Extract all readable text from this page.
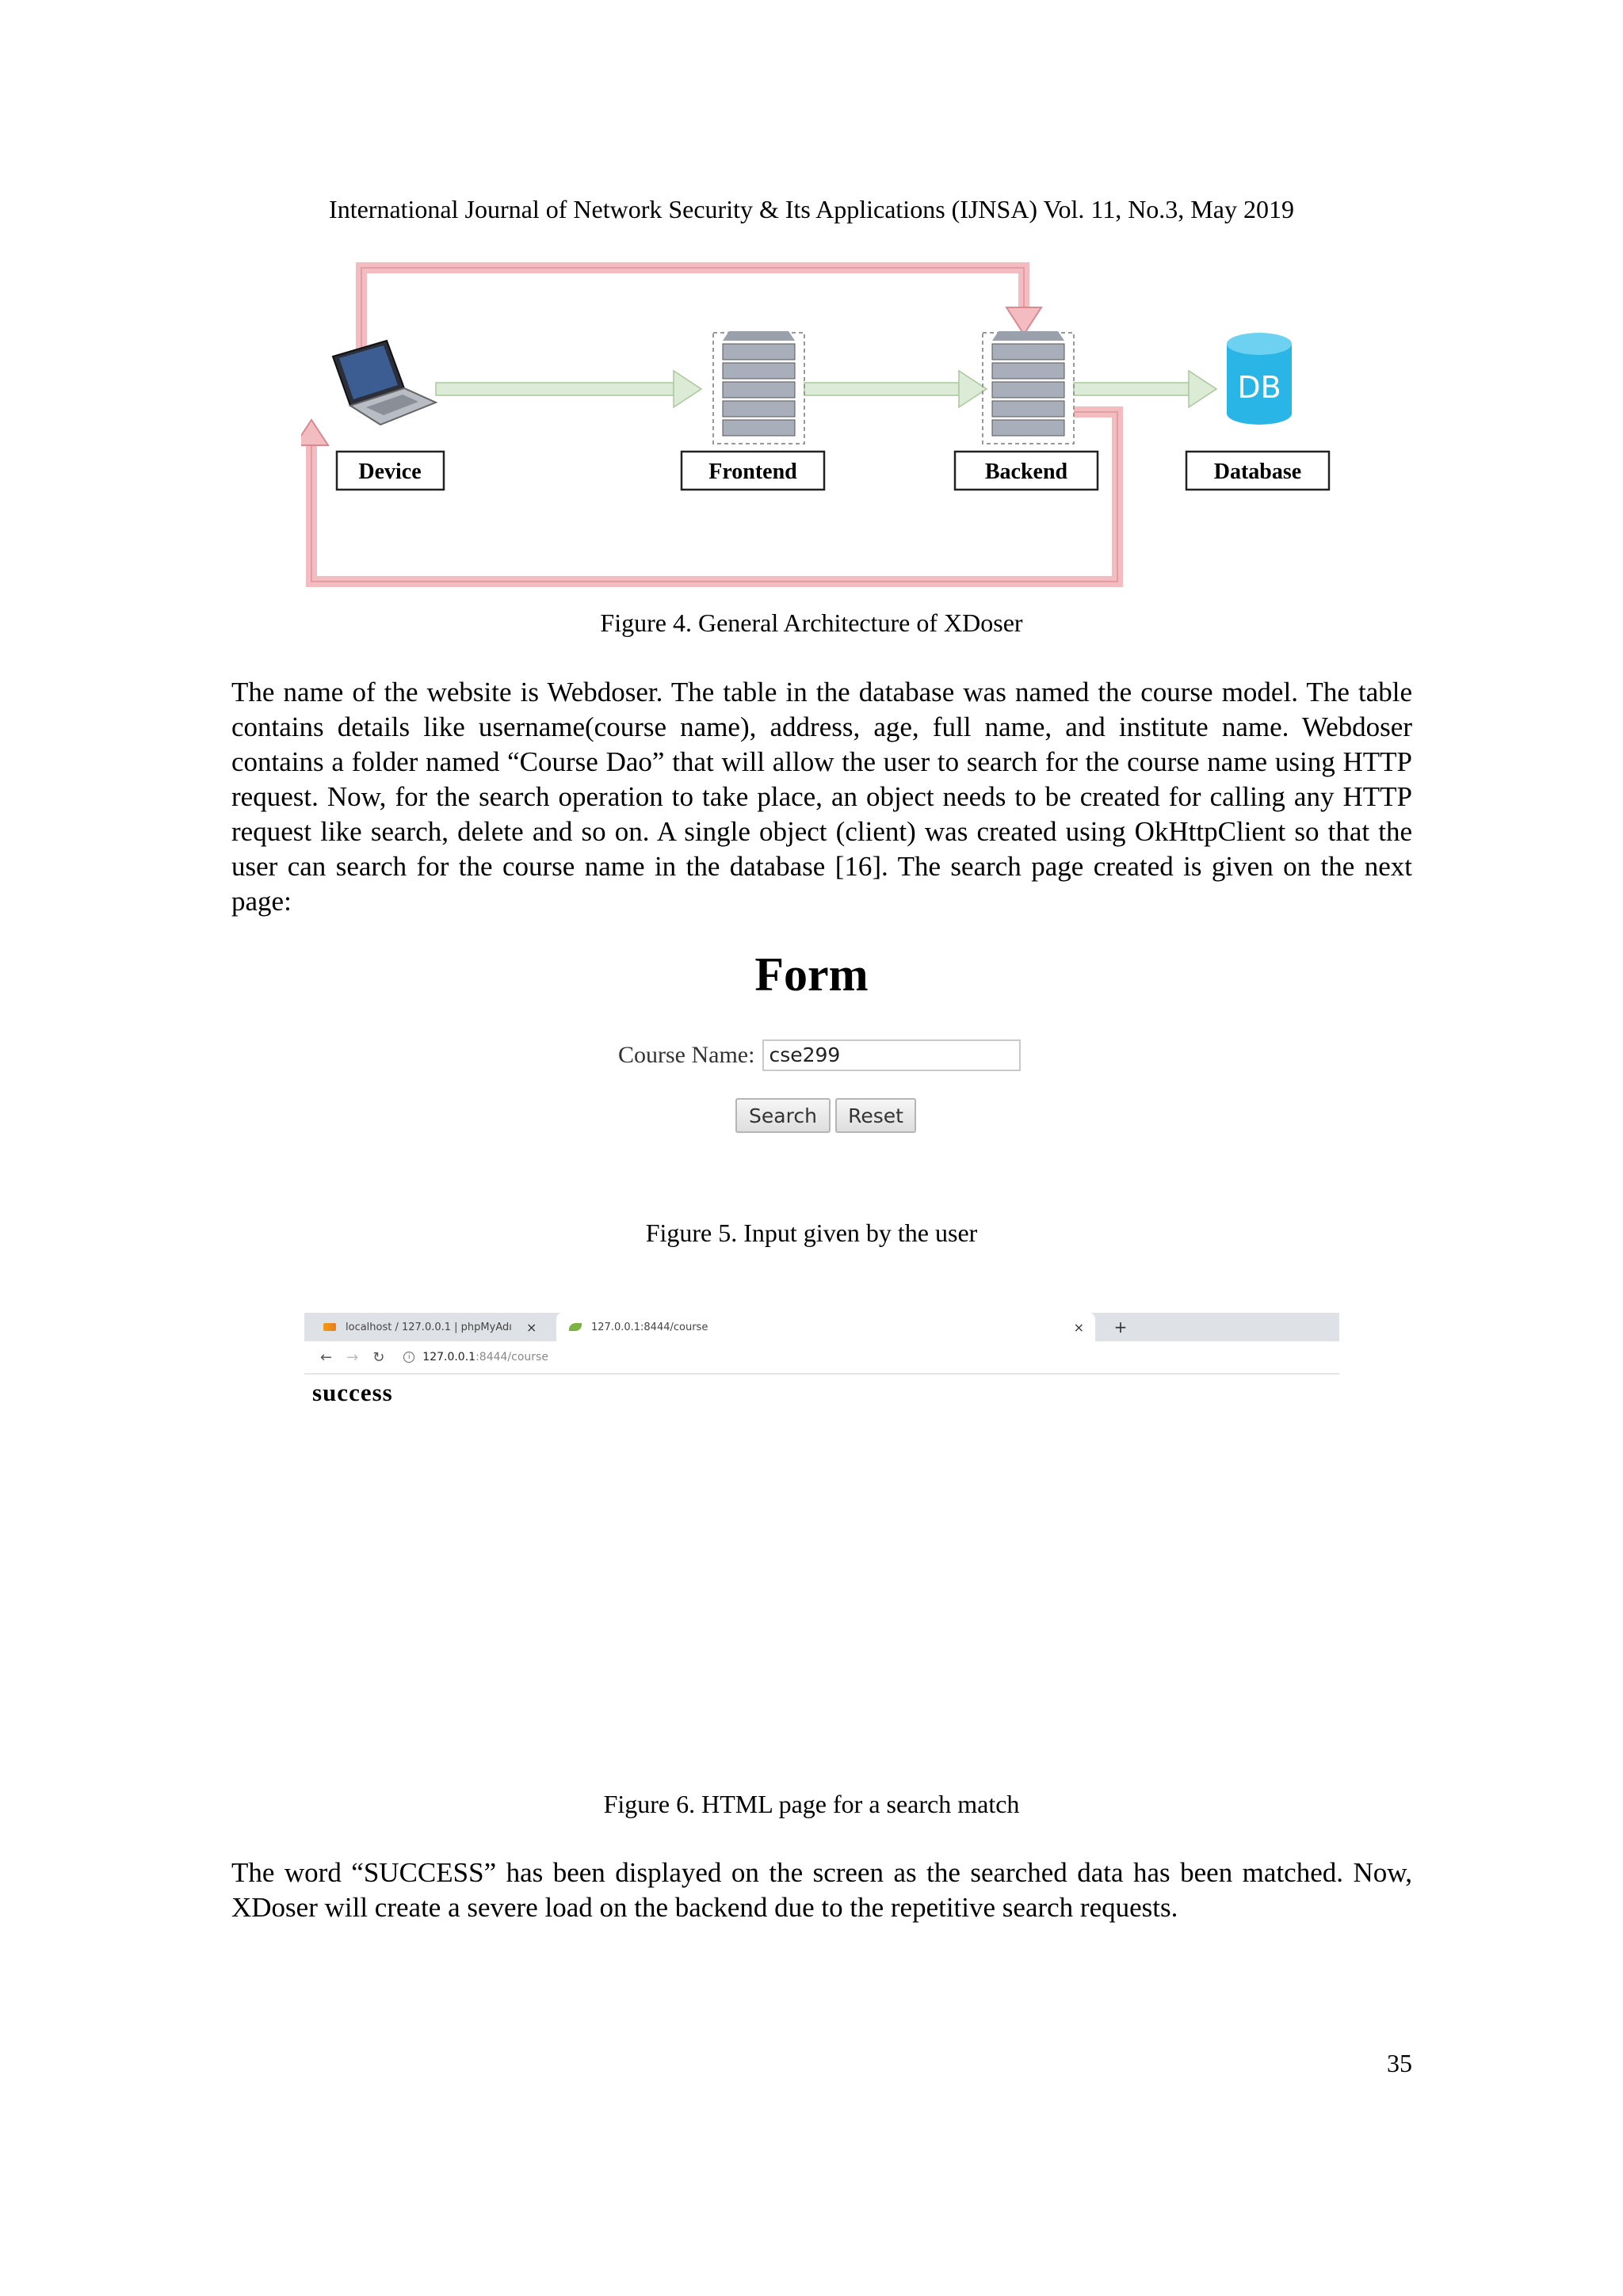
International Journal of Network Security & Its Applications (IJNSA) Vol. 11, No.3, May 2019
DB
Device	Frontend	Backend	Database
Figure 4. General Architecture of XDoser
The name of the website is Webdoser. The table in the database was named the course model. The table contains details like username(course name), address, age, full name, and institute name. Webdoser contains a folder named “Course Dao” that will allow the user to search for the course name using HTTP request. Now, for the search operation to take place, an object needs to be created for calling any HTTP request like search, delete and so on. A single object (client) was created using OkHttpClient so that the user can search for the course name in the database [16]. The search page created is given on the next page:
Form
Course Name: cse299
Search	Reset
Figure 5. Input given by the user
localhost / 127.0.0.1 | phpMyAdı	×	127.0.0.1:8444/course	×	+
← → ↻	i	127.0.0.1:8444/course
success
Figure 6. HTML page for a search match
The word “SUCCESS” has been displayed on the screen as the searched data has been matched. Now, XDoser will create a severe load on the backend due to the repetitive search requests.
35
